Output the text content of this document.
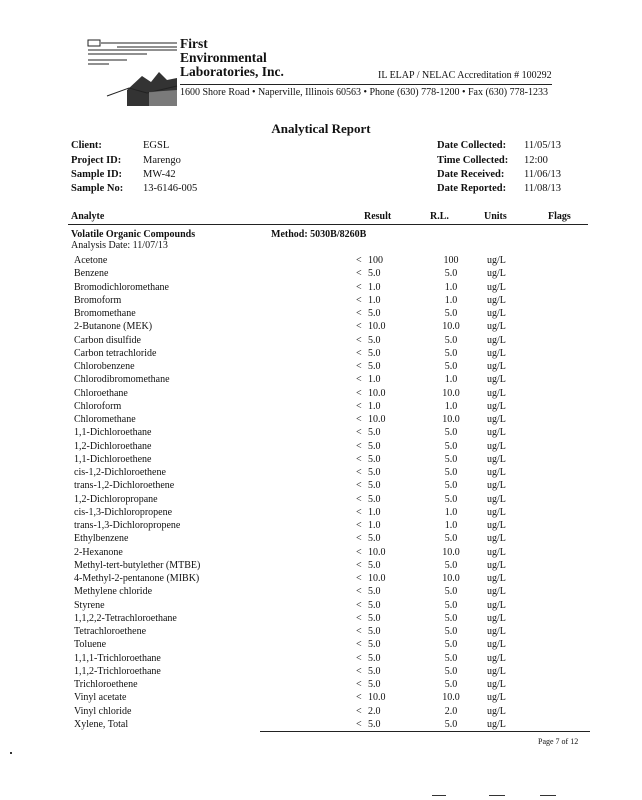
First
Environmental
Laboratories, Inc.	IL ELAP / NELAC Accreditation # 100292
1600 Shore Road • Naperville, Illinois 60563 • Phone (630) 778-1200 • Fax (630) 778-1233
Analytical Report
Client:	EGSL
Project ID: Marengo
Sample ID: MW-42
Sample No: 13-6146-005
Date Collected: 11/05/13
Time Collected: 12:00
Date Received: 11/06/13
Date Reported: 11/08/13
Analyte	Result	R.L.	Units	Flags
Volatile Organic Compounds	Method: 5030B/8260B
Analysis Date: 11/07/13
Acetone	< 100	100	ug/L
Benzene	< 5.0	5.0	ug/L
Bromodichloromethane	< 1.0	1.0	ug/L
Bromoform	< 1.0	1.0	ug/L
Bromomethane	< 5.0	5.0	ug/L
2-Butanone (MEK)	< 10.0	10.0	ug/L
Carbon disulfide	< 5.0	5.0	ug/L
Carbon tetrachloride	< 5.0	5.0	ug/L
Chlorobenzene	< 5.0	5.0	ug/L
Chlorodibromomethane	< 1.0	1.0	ug/L
Chloroethane	< 10.0	10.0	ug/L
Chloroform	< 1.0	1.0	ug/L
Chloromethane	< 10.0	10.0	ug/L
1,1-Dichloroethane	< 5.0	5.0	ug/L
1,2-Dichloroethane	< 5.0	5.0	ug/L
1,1-Dichloroethene	< 5.0	5.0	ug/L
cis-1,2-Dichloroethene	< 5.0	5.0	ug/L
trans-1,2-Dichloroethene	< 5.0	5.0	ug/L
1,2-Dichloropropane	< 5.0	5.0	ug/L
cis-1,3-Dichloropropene	< 1.0	1.0	ug/L
trans-1,3-Dichloropropene	< 1.0	1.0	ug/L
Ethylbenzene	< 5.0	5.0	ug/L
2-Hexanone	< 10.0	10.0	ug/L
Methyl-tert-butylether (MTBE)	< 5.0	5.0	ug/L
4-Methyl-2-pentanone (MIBK)	< 10.0	10.0	ug/L
Methylene chloride	< 5.0	5.0	ug/L
Styrene	< 5.0	5.0	ug/L
1,1,2,2-Tetrachloroethane	< 5.0	5.0	ug/L
Tetrachloroethene	< 5.0	5.0	ug/L
Toluene	< 5.0	5.0	ug/L
1,1,1-Trichloroethane	< 5.0	5.0	ug/L
1,1,2-Trichloroethane	< 5.0	5.0	ug/L
Trichloroethene	< 5.0	5.0	ug/L
Vinyl acetate	< 10.0	10.0	ug/L
Vinyl chloride	< 2.0	2.0	ug/L
Xylene, Total	< 5.0	5.0	ug/L
Page 7 of 12
